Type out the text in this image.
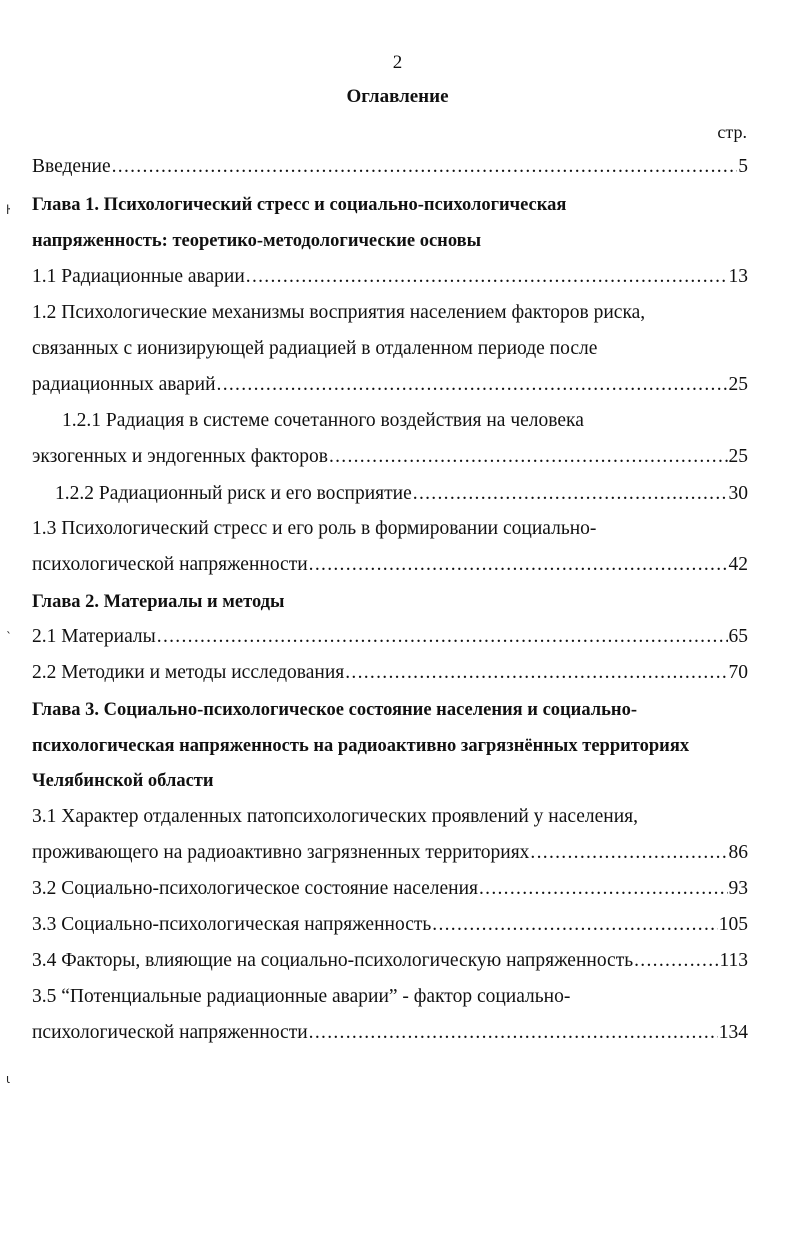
2
Оглавление
стр.
ŀ
`
ι
Введение .....	5
Глава 1. Психологический стресс и социально-психологическая
напряженность: теоретико-методологические основы
1.1 Радиационные аварии .....	13
1.2 Психологические механизмы восприятия населением факторов риска,
связанных с ионизирующей радиацией в отдаленном периоде после
радиационных аварий .....	25
1.2.1 Радиация в системе сочетанного воздействия на человека
экзогенных и эндогенных факторов .....	25
1.2.2 Радиационный риск и его восприятие .....	30
1.3 Психологический стресс и его роль в формировании социально-
психологической напряженности .....	42
Глава 2. Материалы и методы
2.1 Материалы .....	65
2.2 Методики и методы исследования .....	70
Глава 3. Социально-психологическое состояние населения и социально-
психологическая напряженность на радиоактивно загрязнённых территориях
Челябинской области
3.1 Характер отдаленных патопсихологических проявлений у населения,
проживающего на радиоактивно загрязненных территориях .....	86
3.2 Социально-психологическое состояние населения .....	93
3.3 Социально-психологическая напряженность .....	105
3.4 Факторы, влияющие на социально-психологическую напряженность .....	113
3.5 “Потенциальные радиационные аварии” - фактор социально-
психологической напряженности .....	134
